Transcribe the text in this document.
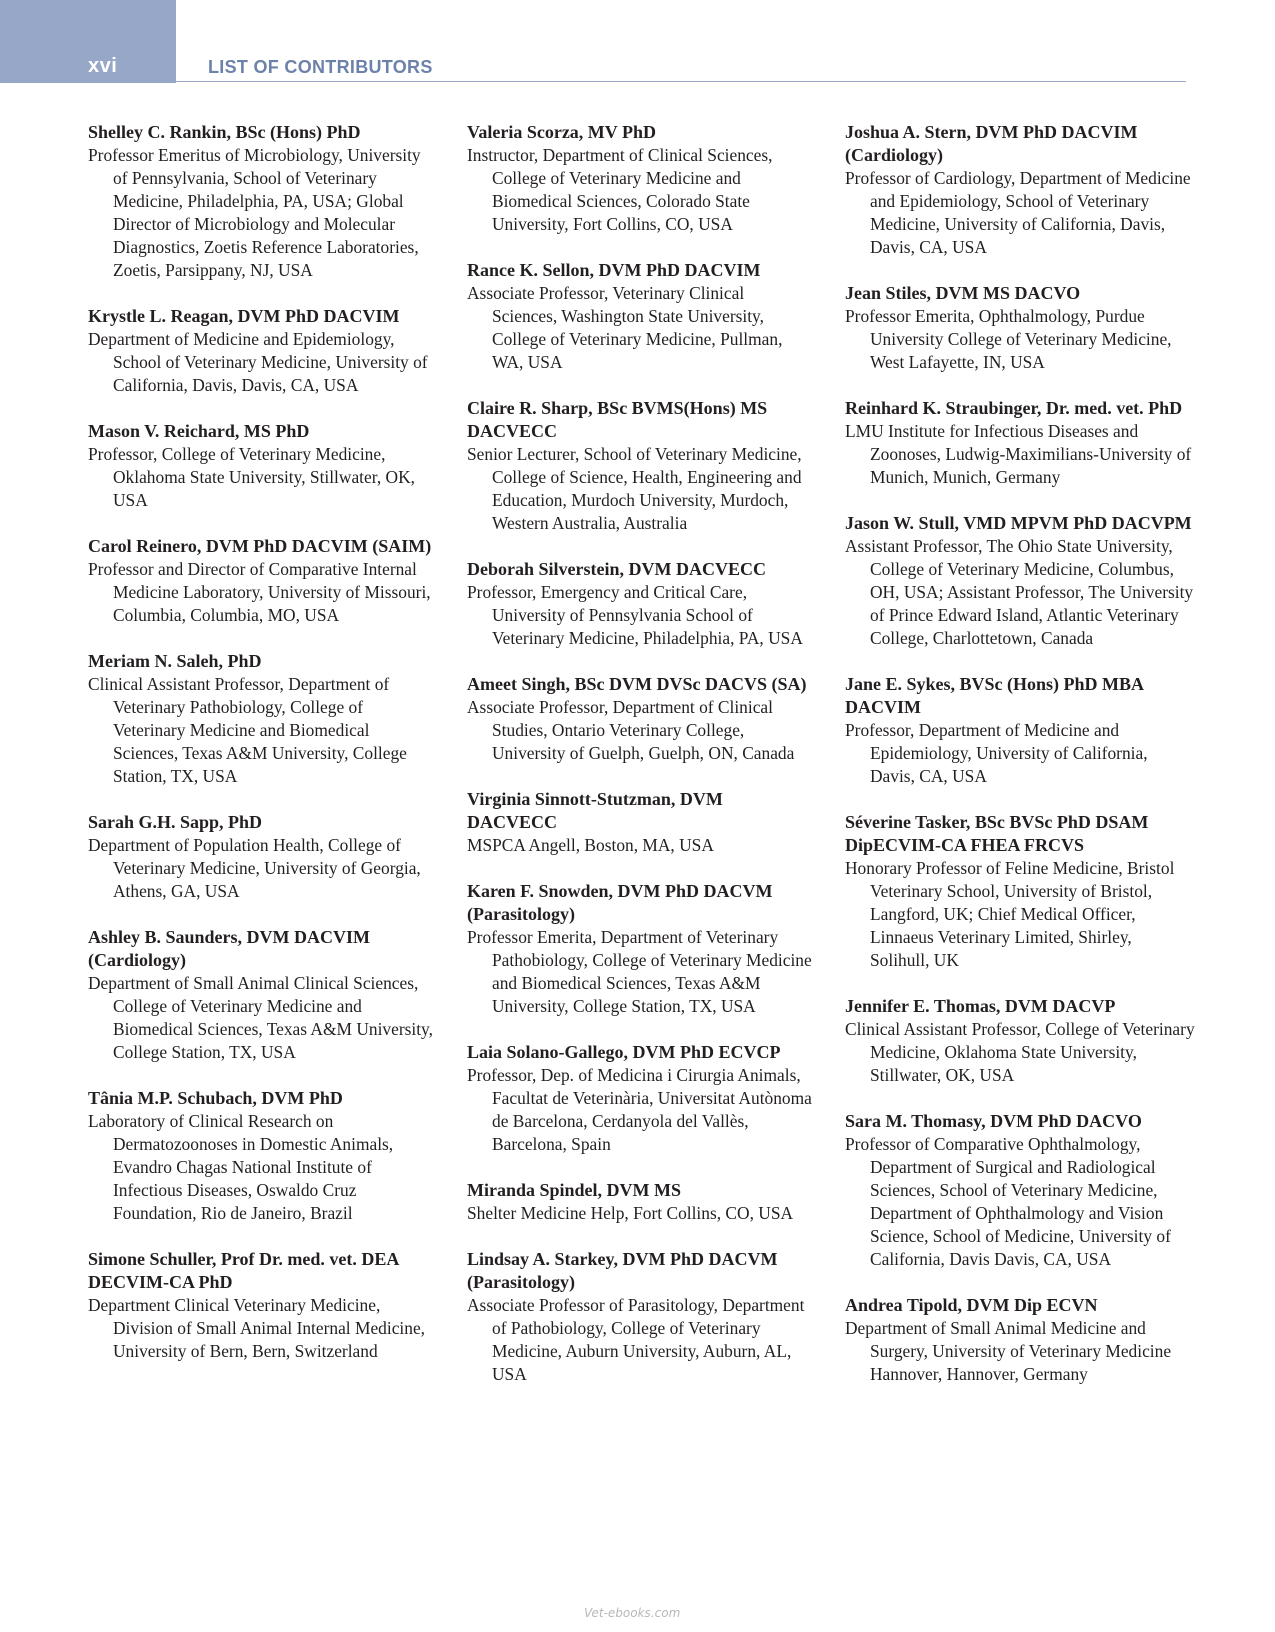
xvi	LIST OF CONTRIBUTORS
Shelley C. Rankin, BSc (Hons) PhD
Professor Emeritus of Microbiology, University of Pennsylvania, School of Veterinary Medicine, Philadelphia, PA, USA; Global Director of Microbiology and Molecular Diagnostics, Zoetis Reference Laboratories, Zoetis, Parsippany, NJ, USA
Krystle L. Reagan, DVM PhD DACVIM
Department of Medicine and Epidemiology, School of Veterinary Medicine, University of California, Davis, Davis, CA, USA
Mason V. Reichard, MS PhD
Professor, College of Veterinary Medicine, Oklahoma State University, Stillwater, OK, USA
Carol Reinero, DVM PhD DACVIM (SAIM)
Professor and Director of Comparative Internal Medicine Laboratory, University of Missouri, Columbia, Columbia, MO, USA
Meriam N. Saleh, PhD
Clinical Assistant Professor, Department of Veterinary Pathobiology, College of Veterinary Medicine and Biomedical Sciences, Texas A&M University, College Station, TX, USA
Sarah G.H. Sapp, PhD
Department of Population Health, College of Veterinary Medicine, University of Georgia, Athens, GA, USA
Ashley B. Saunders, DVM DACVIM (Cardiology)
Department of Small Animal Clinical Sciences, College of Veterinary Medicine and Biomedical Sciences, Texas A&M University, College Station, TX, USA
Tânia M.P. Schubach, DVM PhD
Laboratory of Clinical Research on Dermatozoonoses in Domestic Animals, Evandro Chagas National Institute of Infectious Diseases, Oswaldo Cruz Foundation, Rio de Janeiro, Brazil
Simone Schuller, Prof Dr. med. vet. DEA DECVIM-CA PhD
Department Clinical Veterinary Medicine, Division of Small Animal Internal Medicine, University of Bern, Bern, Switzerland
Valeria Scorza, MV PhD
Instructor, Department of Clinical Sciences, College of Veterinary Medicine and Biomedical Sciences, Colorado State University, Fort Collins, CO, USA
Rance K. Sellon, DVM PhD DACVIM
Associate Professor, Veterinary Clinical Sciences, Washington State University, College of Veterinary Medicine, Pullman, WA, USA
Claire R. Sharp, BSc BVMS(Hons) MS DACVECC
Senior Lecturer, School of Veterinary Medicine, College of Science, Health, Engineering and Education, Murdoch University, Murdoch, Western Australia, Australia
Deborah Silverstein, DVM DACVECC
Professor, Emergency and Critical Care, University of Pennsylvania School of Veterinary Medicine, Philadelphia, PA, USA
Ameet Singh, BSc DVM DVSc DACVS (SA)
Associate Professor, Department of Clinical Studies, Ontario Veterinary College, University of Guelph, Guelph, ON, Canada
Virginia Sinnott-Stutzman, DVM DACVECC
MSPCA Angell, Boston, MA, USA
Karen F. Snowden, DVM PhD DACVM (Parasitology)
Professor Emerita, Department of Veterinary Pathobiology, College of Veterinary Medicine and Biomedical Sciences, Texas A&M University, College Station, TX, USA
Laia Solano-Gallego, DVM PhD ECVCP
Professor, Dep. of Medicina i Cirurgia Animals, Facultat de Veterinària, Universitat Autònoma de Barcelona, Cerdanyola del Vallès, Barcelona, Spain
Miranda Spindel, DVM MS
Shelter Medicine Help, Fort Collins, CO, USA
Lindsay A. Starkey, DVM PhD DACVM (Parasitology)
Associate Professor of Parasitology, Department of Pathobiology, College of Veterinary Medicine, Auburn University, Auburn, AL, USA
Joshua A. Stern, DVM PhD DACVIM (Cardiology)
Professor of Cardiology, Department of Medicine and Epidemiology, School of Veterinary Medicine, University of California, Davis, Davis, CA, USA
Jean Stiles, DVM MS DACVO
Professor Emerita, Ophthalmology, Purdue University College of Veterinary Medicine, West Lafayette, IN, USA
Reinhard K. Straubinger, Dr. med. vet. PhD
LMU Institute for Infectious Diseases and Zoonoses, Ludwig-Maximilians-University of Munich, Munich, Germany
Jason W. Stull, VMD MPVM PhD DACVPM
Assistant Professor, The Ohio State University, College of Veterinary Medicine, Columbus, OH, USA; Assistant Professor, The University of Prince Edward Island, Atlantic Veterinary College, Charlottetown, Canada
Jane E. Sykes, BVSc (Hons) PhD MBA DACVIM
Professor, Department of Medicine and Epidemiology, University of California, Davis, CA, USA
Séverine Tasker, BSc BVSc PhD DSAM DipECVIM-CA FHEA FRCVS
Honorary Professor of Feline Medicine, Bristol Veterinary School, University of Bristol, Langford, UK; Chief Medical Officer, Linnaeus Veterinary Limited, Shirley, Solihull, UK
Jennifer E. Thomas, DVM DACVP
Clinical Assistant Professor, College of Veterinary Medicine, Oklahoma State University, Stillwater, OK, USA
Sara M. Thomasy, DVM PhD DACVO
Professor of Comparative Ophthalmology, Department of Surgical and Radiological Sciences, School of Veterinary Medicine, Department of Ophthalmology and Vision Science, School of Medicine, University of California, Davis Davis, CA, USA
Andrea Tipold, DVM Dip ECVN
Department of Small Animal Medicine and Surgery, University of Veterinary Medicine Hannover, Hannover, Germany
Vet-ebooks.com
